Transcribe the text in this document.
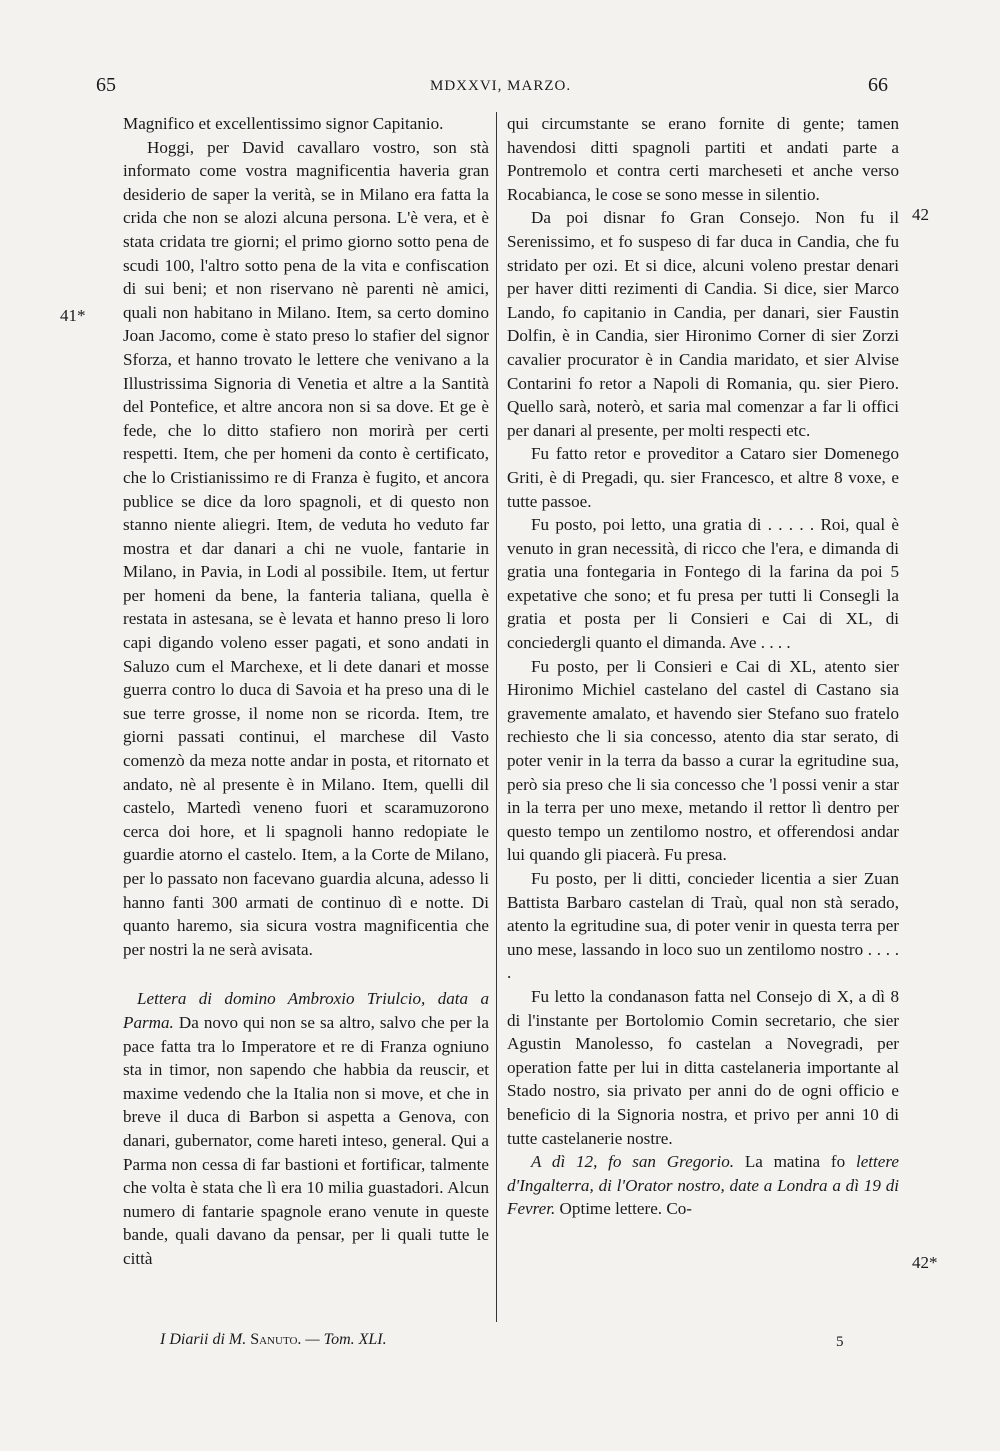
65	MDXXVI, MARZO.	66
41*
42
42*

Magnifico et excellentissimo signor Capitanio.

Hoggi, per David cavallaro vostro, son stà informato come vostra magnificentia haveria gran desiderio de saper la verità, se in Milano era fatta la crida che non se alozi alcuna persona. L'è vera, et è stata cridata tre giorni; el primo giorno sotto pena de scudi 100, l'altro sotto pena de la vita e confiscation di sui beni; et non riservano nè parenti nè amici, quali non habitano in Milano. Item, sa certo domino Joan Jacomo, come è stato preso lo stafier del signor Sforza, et hanno trovato le lettere che venivano a la Illustrissima Signoria di Venetia et altre a la Santità del Pontefice, et altre ancora non si sa dove. Et ge è fede, che lo ditto stafiero non morirà per certi respetti. Item, che per homeni da conto è certificato, che lo Cristianissimo re di Franza è fugito, et ancora publice se dice da loro spagnoli, et di questo non stanno niente aliegri. Item, de veduta ho veduto far mostra et dar danari a chi ne vuole, fantarie in Milano, in Pavia, in Lodi al possibile. Item, ut fertur per homeni da bene, la fanteria taliana, quella è restata in astesana, se è levata et hanno preso li loro capi digando voleno esser pagati, et sono andati in Saluzo cum el Marchexe, et li dete danari et mosse guerra contro lo duca di Savoia et ha preso una di le sue terre grosse, il nome non se ricorda. Item, tre giorni passati continui, el marchese dil Vasto comenzò da meza notte andar in posta, et ritornato et andato, nè al presente è in Milano. Item, quelli dil castelo, Martedì veneno fuori et scaramuzorono cerca doi hore, et li spagnoli hanno redopiate le guardie atorno el castelo. Item, a la Corte de Milano, per lo passato non facevano guardia alcuna, adesso li hanno fanti 300 armati de continuo dì e notte. Di quanto haremo, sia sicura vostra magnificentia che per nostri la ne serà avisata.

Lettera di domino Ambroxio Triulcio, data a Parma. Da novo qui non se sa altro, salvo che per la pace fatta tra lo Imperatore et re di Franza ogniuno sta in timor, non sapendo che habbia da reuscir, et maxime vedendo che la Italia non si move, et che in breve il duca di Barbon si aspetta a Genova, con danari, gubernator, come hareti inteso, general. Qui a Parma non cessa di far bastioni et fortificar, talmente che volta è stata che lì era 10 milia guastadori. Alcun numero di fantarie spagnole erano venute in queste bande, quali davano da pensar, per li quali tutte le città

qui circumstante se erano fornite di gente; tamen havendosi ditti spagnoli partiti et andati parte a Pontremolo et contra certi marcheseti et anche verso Rocabianca, le cose se sono messe in silentio.

Da poi disnar fo Gran Consejo. Non fu il Serenissimo, et fo suspeso di far duca in Candia, che fu stridato per ozi. Et si dice, alcuni voleno prestar denari per haver ditti rezimenti di Candia. Si dice, sier Marco Lando, fo capitanio in Candia, per danari, sier Faustin Dolfin, è in Candia, sier Hironimo Corner di sier Zorzi cavalier procurator è in Candia maridato, et sier Alvise Contarini fo retor a Napoli di Romania, qu. sier Piero. Quello sarà, noterò, et saria mal comenzar a far li offici per danari al presente, per molti respecti etc.

Fu fatto retor e proveditor a Cataro sier Domenego Griti, è di Pregadi, qu. sier Francesco, et altre 8 voxe, e tutte passoe.

Fu posto, poi letto, una gratia di . . . . . Roi, qual è venuto in gran necessità, di ricco che l'era, e dimanda di gratia una fontegaria in Fontego di la farina da poi 5 expetative che sono; et fu presa per tutti li Consegli la gratia et posta per li Consieri e Cai di XL, di conciedergli quanto el dimanda. Ave . . . .

Fu posto, per li Consieri e Cai di XL, atento sier Hironimo Michiel castelano del castel di Castano sia gravemente amalato, et havendo sier Stefano suo fratelo rechiesto che li sia concesso, atento dia star serato, di poter venir in la terra da basso a curar la egritudine sua, però sia preso che li sia concesso che 'l possi venir a star in la terra per uno mexe, metando il rettor lì dentro per questo tempo un zentilomo nostro, et offerendosi andar lui quando gli piacerà. Fu presa.

Fu posto, per li ditti, concieder licentia a sier Zuan Battista Barbaro castelan di Traù, qual non stà serado, atento la egritudine sua, di poter venir in questa terra per uno mese, lassando in loco suo un zentilomo nostro . . . . .

Fu letto la condanason fatta nel Consejo di X, a dì 8 di l'instante per Bortolomio Comin secretario, che sier Agustin Manolesso, fo castelan a Novegradi, per operation fatte per lui in ditta castelaneria importante al Stado nostro, sia privato per anni do de ogni officio e beneficio di la Signoria nostra, et privo per anni 10 di tutte castelanerie nostre.

A dì 12, fo san Gregorio. La matina fo lettere d'Ingalterra, di l'Orator nostro, date a Londra a dì 19 di Fevrer. Optime lettere. Co-

I Diarii di M. Sanuto. — Tom. XLI.	5
